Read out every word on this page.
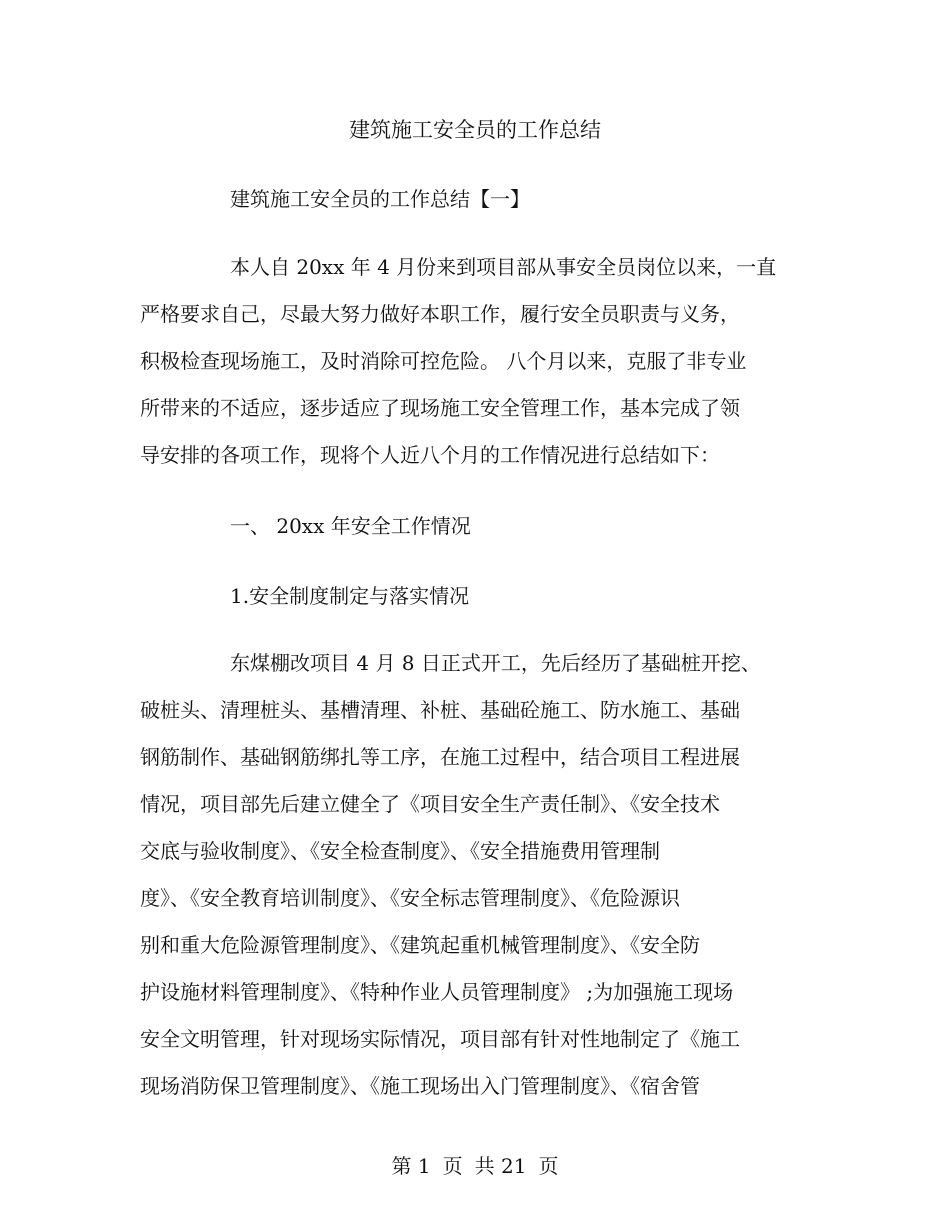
建筑施工安全员的工作总结
建筑施工安全员的工作总结【一】
本人自 20xx 年 4 月份来到项目部从事安全员岗位以来，一直
严格要求自己，尽最大努力做好本职工作，履行安全员职责与义务，
积极检查现场施工，及时消除可控危险。 八个月以来，克服了非专业
所带来的不适应，逐步适应了现场施工安全管理工作，基本完成了领
导安排的各项工作，现将个人近八个月的工作情况进行总结如下：
一、 20xx 年安全工作情况
1.安全制度制定与落实情况
东煤棚改项目 4 月 8 日正式开工，先后经历了基础桩开挖、
破桩头、清理桩头、基槽清理、补桩、基础砼施工、防水施工、基础
钢筋制作、基础钢筋绑扎等工序，在施工过程中，结合项目工程进展
情况，项目部先后建立健全了《项目安全生产责任制》、《安全技术
交底与验收制度》、《安全检查制度》、《安全措施费用管理制
度》、《安全教育培训制度》、《安全标志管理制度》、《危险源识
别和重大危险源管理制度》、《建筑起重机械管理制度》、《安全防
护设施材料管理制度》、《特种作业人员管理制度》 ;为加强施工现场
安全文明管理，针对现场实际情况，项目部有针对性地制定了《施工
现场消防保卫管理制度》、《施工现场出入门管理制度》、《宿舍管
第 1 页 共 21 页
